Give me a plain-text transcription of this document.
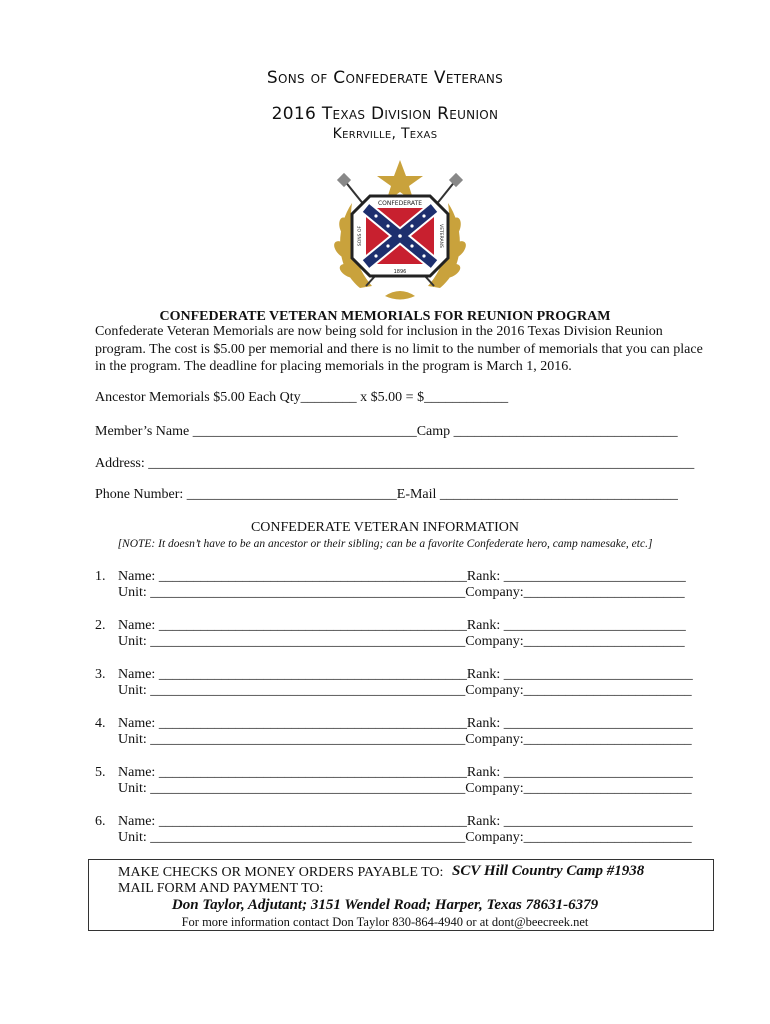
Sons of Confederate Veterans
2016 Texas Division Reunion
Kerrville, Texas
CONFEDERATE
1896
SONS OF	VETERANS
CONFEDERATE VETERAN MEMORIALS FOR REUNION PROGRAM
Confederate Veteran Memorials are now being sold for inclusion in the 2016 Texas Division Reunion
program. The cost is $5.00 per memorial and there is no limit to the number of memorials that you can place
in the program. The deadline for placing memorials in the program is March 1, 2016.
Ancestor Memorials $5.00 Each Qty________ x $5.00 = $____________
Member’s Name ________________________________Camp ________________________________
Address: ______________________________________________________________________________
Phone Number: ______________________________E-Mail __________________________________
CONFEDERATE VETERAN INFORMATION
[NOTE: It doesn’t have to be an ancestor or their sibling; can be a favorite Confederate hero, camp namesake, etc.]
1. Name: ____________________________________________Rank: __________________________
Unit: _____________________________________________Company:_______________________
2. Name: ____________________________________________Rank: __________________________
Unit: _____________________________________________Company:_______________________
3. Name: ____________________________________________Rank: ___________________________
Unit: _____________________________________________Company:________________________
4. Name: ____________________________________________Rank: ___________________________
Unit: _____________________________________________Company:________________________
5. Name: ____________________________________________Rank: ___________________________
Unit: _____________________________________________Company:________________________
6. Name: ____________________________________________Rank: ___________________________
Unit: _____________________________________________Company:________________________
MAKE CHECKS OR MONEY ORDERS PAYABLE TO: SCV Hill Country Camp #1938
MAIL FORM AND PAYMENT TO:
Don Taylor, Adjutant; 3151 Wendel Road; Harper, Texas 78631-6379
For more information contact Don Taylor 830-864-4940 or at dont@beecreek.net
